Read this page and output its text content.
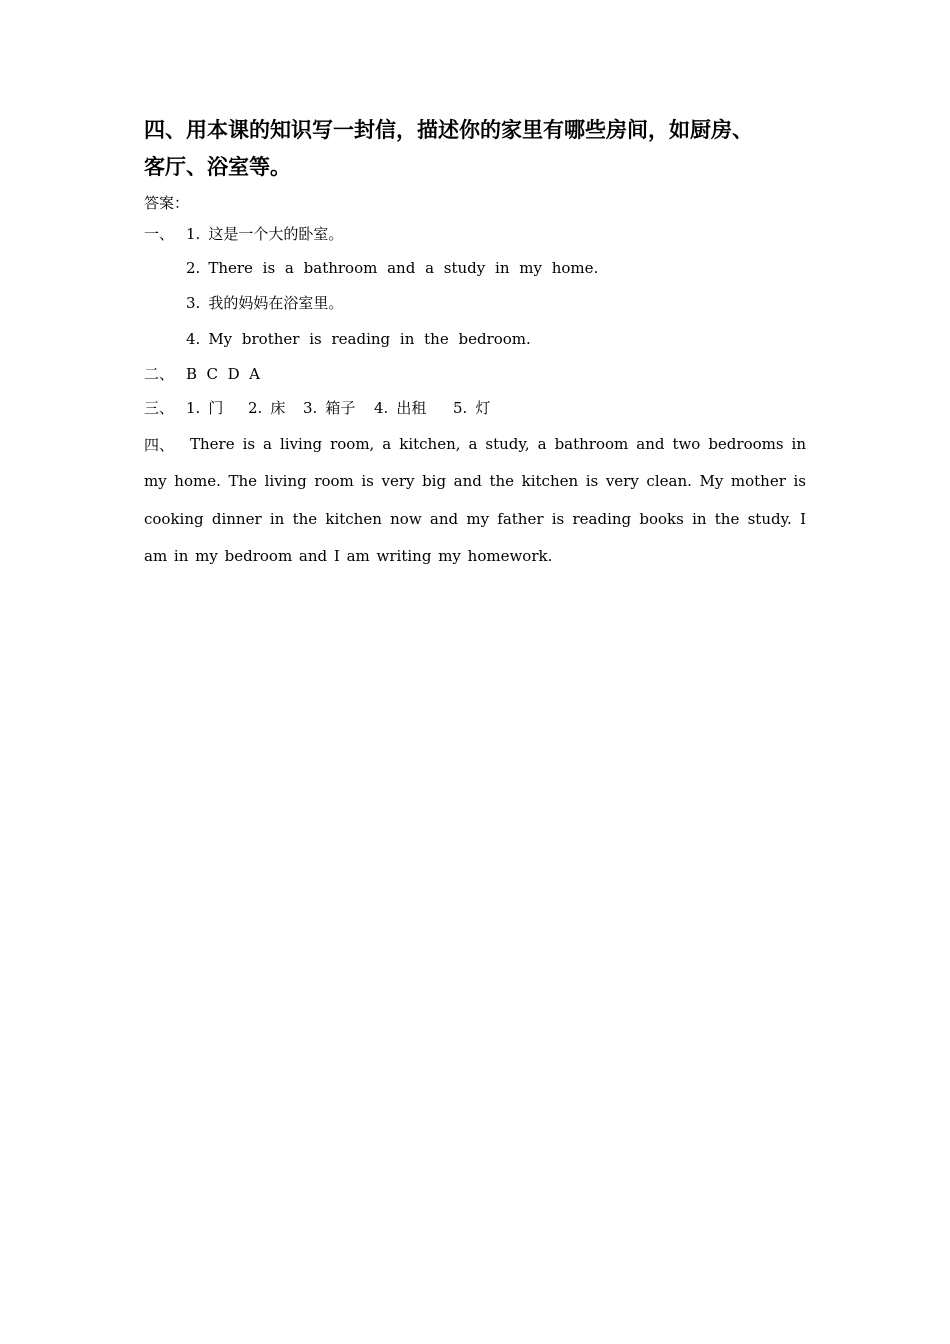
四、用本课的知识写一封信，描述你的家里有哪些房间，如厨房、
客厅、浴室等。
答案：
一、 1. 这是一个大的卧室。
2. There is a bathroom and a study in my home.
3. 我的妈妈在浴室里。
4. My brother is reading in the bedroom.
二、 B  C  D  A
三、 1. 门 2. 床 3. 箱子 4. 出租 5. 灯
四、	There is a living room, a kitchen, a study, a bathroom and two bedrooms in my home. The living room is very big and the kitchen is very clean. My mother is cooking dinner in the kitchen now and my father is reading books in the study. I am in my bedroom and I am writing my homework.
